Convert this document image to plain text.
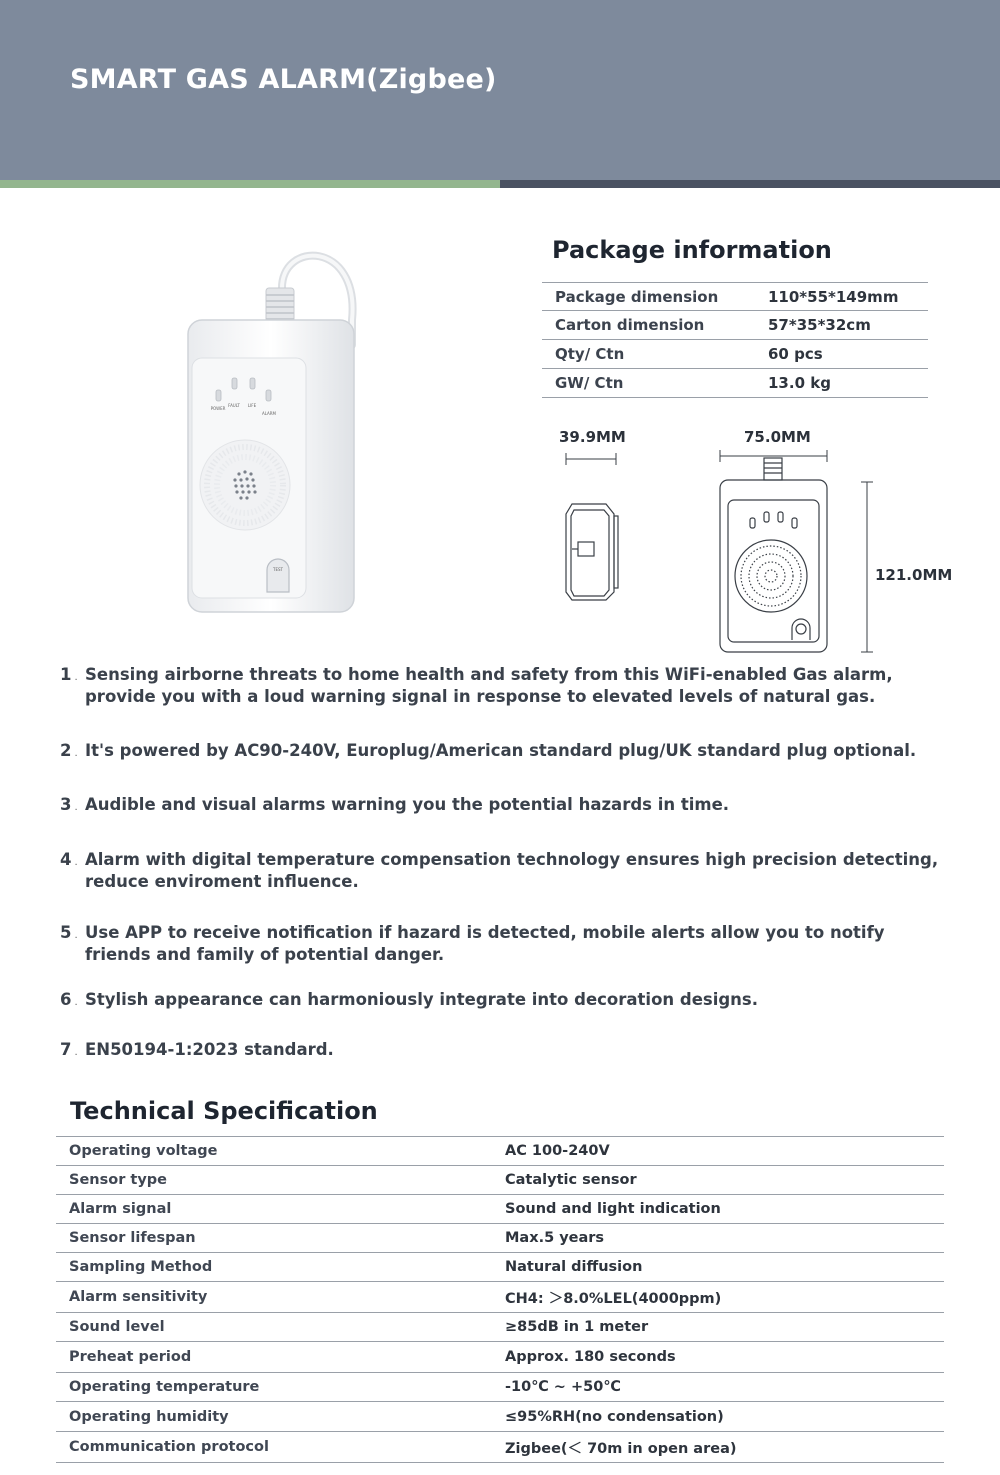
SMART GAS ALARM(Zigbee)
POWER
FAULT LIFE
ALARM
TEST
Package information
Package dimension	110*55*149mm
Carton dimension	57*35*32cm
Qty/ Ctn	60 pcs
GW/ Ctn	13.0 kg
39.9MM	75.0MM
121.0MM
1 . Sensing airborne threats to home health and safety from this WiFi-enabled Gas alarm, provide you with a loud warning signal in response to elevated levels of natural gas.
2 . It's powered by AC90-240V, Europlug/American standard plug/UK standard plug optional.
3 . Audible and visual alarms warning you the potential hazards in time.
4 . Alarm with digital temperature compensation technology ensures high precision detecting, reduce enviroment influence.
5 . Use APP to receive notification if hazard is detected, mobile alerts allow you to notify friends and family of potential danger.
6 . Stylish appearance can harmoniously integrate into decoration designs.
7 . EN50194-1:2023 standard.
Technical Specification
Operating voltage	AC 100-240V
Sensor type	Catalytic sensor
Alarm signal	Sound and light indication
Sensor lifespan	Max.5 years
Sampling Method	Natural diffusion
Alarm sensitivity	CH4: ＞8.0%LEL(4000ppm)
Sound level	≥85dB in 1 meter
Preheat period	Approx. 180 seconds
Operating temperature	-10℃ ~ +50℃
Operating humidity	≤95%RH(no condensation)
Communication protocol	Zigbee(＜ 70m in open area)
